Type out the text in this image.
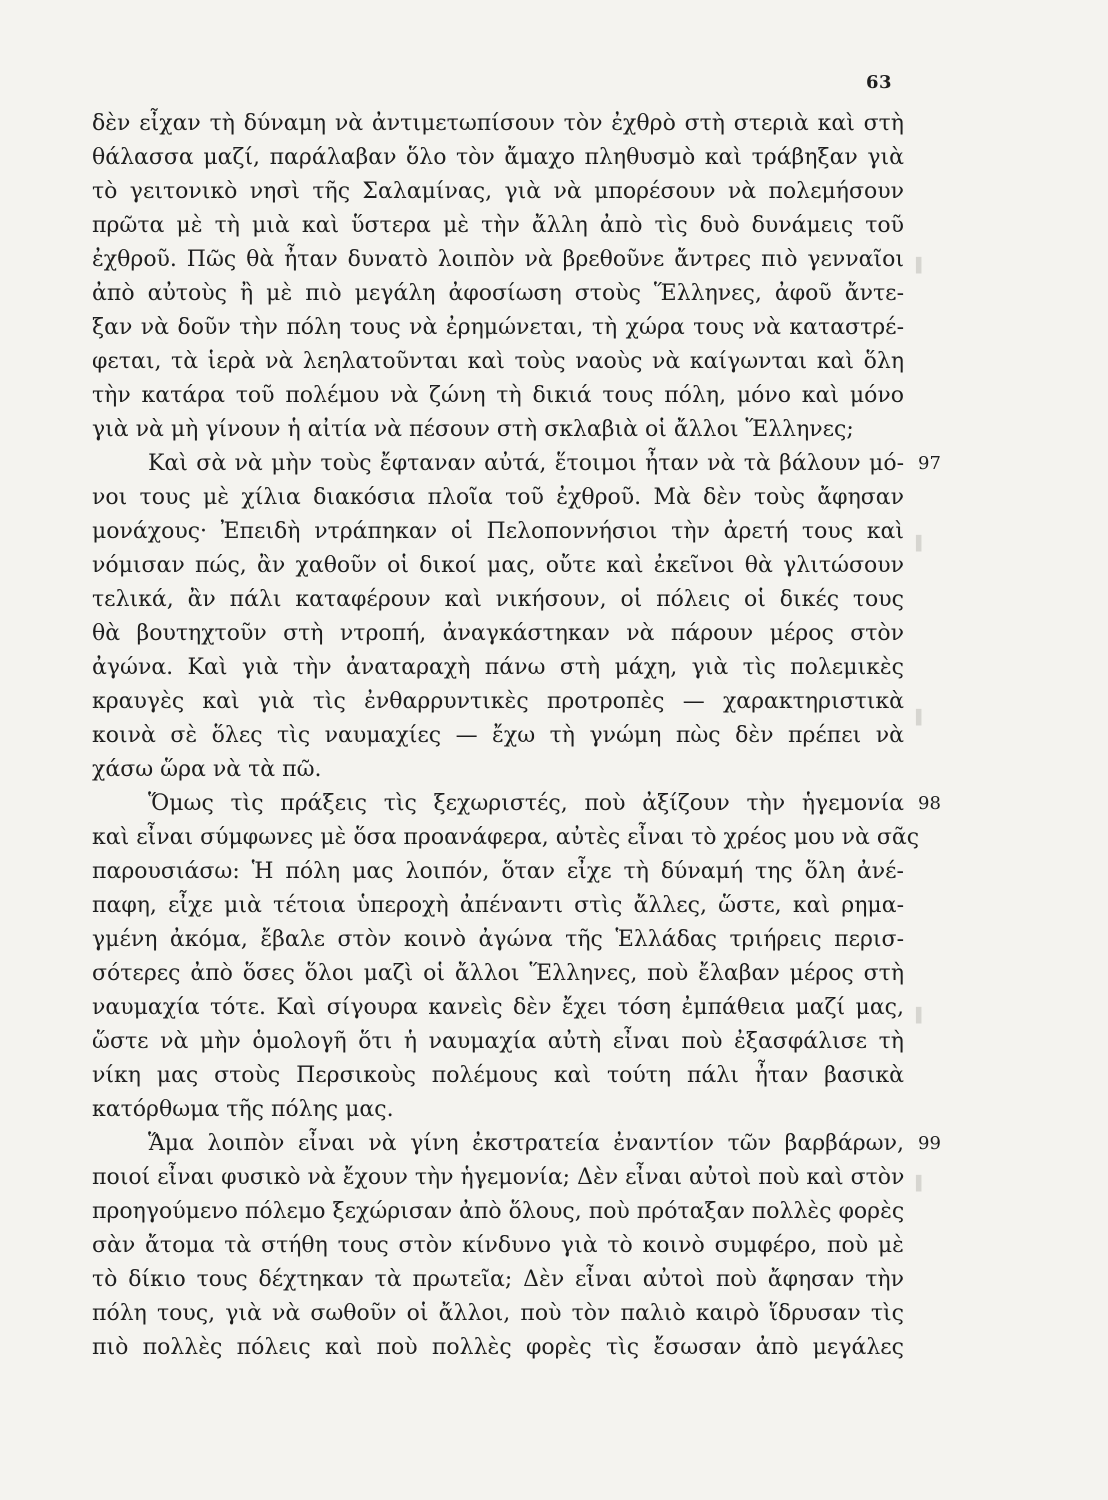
63
▌
▌
▌
▌
▌
δὲν εἶχαν τὴ δύναμη νὰ ἀντιμετωπίσουν τὸν ἐχθρὸ στὴ στεριὰ καὶ στὴ
θάλασσα μαζί, παράλαβαν ὅλο τὸν ἄμαχο πληθυσμὸ καὶ τράβηξαν γιὰ
τὸ γειτονικὸ νησὶ τῆς Σαλαμίνας, γιὰ νὰ μπορέσουν νὰ πολεμήσουν
πρῶτα μὲ τὴ μιὰ καὶ ὕστερα μὲ τὴν ἄλλη ἀπὸ τὶς δυὸ δυνάμεις τοῦ
ἐχθροῦ. Πῶς θὰ ἦταν δυνατὸ λοιπὸν νὰ βρεθοῦνε ἄντρες πιὸ γενναῖοι
ἀπὸ αὐτοὺς ἢ μὲ πιὸ μεγάλη ἀφοσίωση στοὺς Ἕλληνες, ἀφοῦ ἄντε-
ξαν νὰ δοῦν τὴν πόλη τους νὰ ἐρημώνεται, τὴ χώρα τους νὰ καταστρέ-
φεται, τὰ ἱερὰ νὰ λεηλατοῦνται καὶ τοὺς ναοὺς νὰ καίγωνται καὶ ὅλη
τὴν κατάρα τοῦ πολέμου νὰ ζώνη τὴ δικιά τους πόλη, μόνο καὶ μόνο
γιὰ νὰ μὴ γίνουν ἡ αἰτία νὰ πέσουν στὴ σκλαβιὰ οἱ ἄλλοι Ἕλληνες;
Καὶ σὰ νὰ μὴν τοὺς ἔφταναν αὐτά, ἕτοιμοι ἦταν νὰ τὰ βάλουν μό- 97
νοι τους μὲ χίλια διακόσια πλοῖα τοῦ ἐχθροῦ. Μὰ δὲν τοὺς ἄφησαν
μονάχους· Ἐπειδὴ ντράπηκαν οἱ Πελοποννήσιοι τὴν ἀρετή τους καὶ
νόμισαν πώς, ἂν χαθοῦν οἱ δικοί μας, οὔτε καὶ ἐκεῖνοι θὰ γλιτώσουν
τελικά, ἂν πάλι καταφέρουν καὶ νικήσουν, οἱ πόλεις οἱ δικές τους
θὰ βουτηχτοῦν στὴ ντροπή, ἀναγκάστηκαν νὰ πάρουν μέρος στὸν
ἀγώνα. Καὶ γιὰ τὴν ἀναταραχὴ πάνω στὴ μάχη, γιὰ τὶς πολεμικὲς
κραυγὲς καὶ γιὰ τὶς ἐνθαρρυντικὲς προτροπὲς — χαρακτηριστικὰ
κοινὰ σὲ ὅλες τὶς ναυμαχίες — ἔχω τὴ γνώμη πὼς δὲν πρέπει νὰ
χάσω ὥρα νὰ τὰ πῶ.
Ὅμως τὶς πράξεις τὶς ξεχωριστές, ποὺ ἀξίζουν τὴν ἡγεμονία 98
καὶ εἶναι σύμφωνες μὲ ὅσα προανάφερα, αὐτὲς εἶναι τὸ χρέος μου νὰ σᾶς
παρουσιάσω: Ἡ πόλη μας λοιπόν, ὅταν εἶχε τὴ δύναμή της ὅλη ἀνέ-
παφη, εἶχε μιὰ τέτοια ὑπεροχὴ ἀπέναντι στὶς ἄλλες, ὥστε, καὶ ρημα-
γμένη ἀκόμα, ἔβαλε στὸν κοινὸ ἀγώνα τῆς Ἑλλάδας τριήρεις περισ-
σότερες ἀπὸ ὅσες ὅλοι μαζὶ οἱ ἄλλοι Ἕλληνες, ποὺ ἔλαβαν μέρος στὴ
ναυμαχία τότε. Καὶ σίγουρα κανεὶς δὲν ἔχει τόση ἐμπάθεια μαζί μας,
ὥστε νὰ μὴν ὁμολογῆ ὅτι ἡ ναυμαχία αὐτὴ εἶναι ποὺ ἐξασφάλισε τὴ
νίκη μας στοὺς Περσικοὺς πολέμους καὶ τούτη πάλι ἦταν βασικὰ
κατόρθωμα τῆς πόλης μας.
Ἅμα λοιπὸν εἶναι νὰ γίνη ἐκστρατεία ἐναντίον τῶν βαρβάρων, 99
ποιοί εἶναι φυσικὸ νὰ ἔχουν τὴν ἡγεμονία; Δὲν εἶναι αὐτοὶ ποὺ καὶ στὸν
προηγούμενο πόλεμο ξεχώρισαν ἀπὸ ὅλους, ποὺ πρόταξαν πολλὲς φορὲς
σὰν ἄτομα τὰ στήθη τους στὸν κίνδυνο γιὰ τὸ κοινὸ συμφέρο, ποὺ μὲ
τὸ δίκιο τους δέχτηκαν τὰ πρωτεῖα; Δὲν εἶναι αὐτοὶ ποὺ ἄφησαν τὴν
πόλη τους, γιὰ νὰ σωθοῦν οἱ ἄλλοι, ποὺ τὸν παλιὸ καιρὸ ἵδρυσαν τὶς
πιὸ πολλὲς πόλεις καὶ ποὺ πολλὲς φορὲς τὶς ἔσωσαν ἀπὸ μεγάλες
